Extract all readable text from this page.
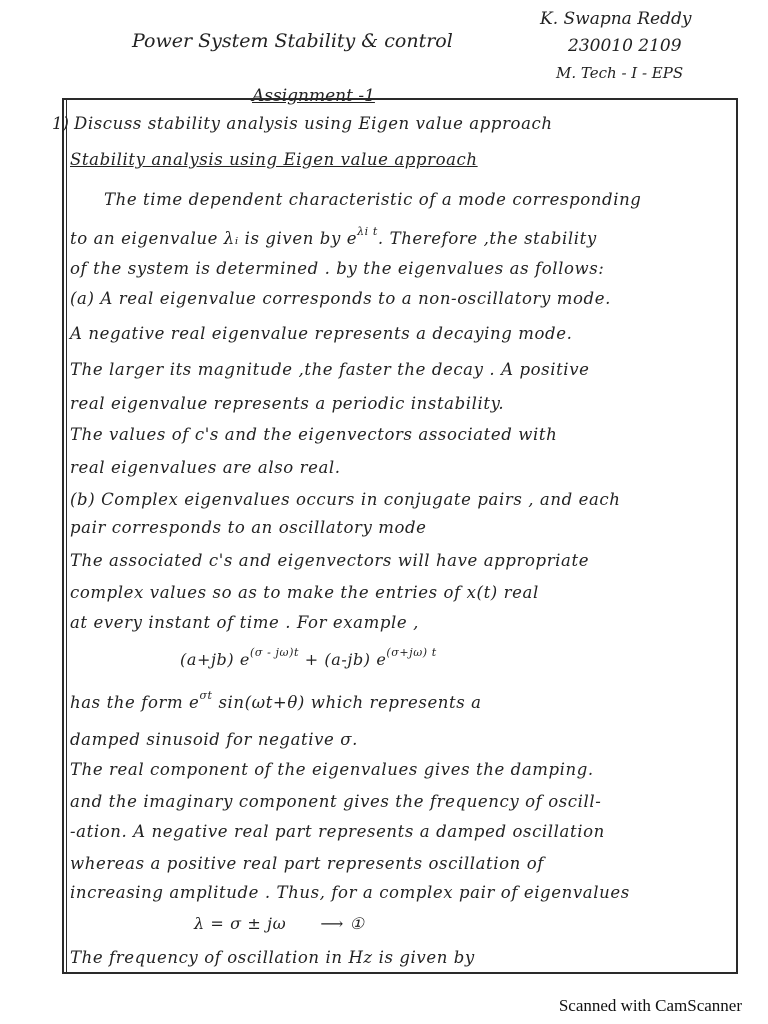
Power System Stability & control
K. Swapna Reddy
230010 2109
M. Tech - I - EPS
Assignment -1
1) Discuss stability analysis using Eigen value approach
Stability analysis using Eigen value approach
The time dependent characteristic of a mode corresponding
to an eigenvalue λᵢ is given by $e^{\lambda i t}$. Therefore ,the stability
of the system is determined . by the eigenvalues as follows:
(a) A real eigenvalue corresponds to a non-oscillatory mode.
A negative real eigenvalue represents a decaying mode.
The larger its magnitude ,the faster the decay . A positive
real eigenvalue represents a periodic instability.
The values of c's and the eigenvectors associated with
real eigenvalues are also real.
(b) Complex eigenvalues occurs in conjugate pairs , and each
pair corresponds to an oscillatory mode
The associated c's and eigenvectors will have appropriate
complex values so as to make the entries of x(t) real
at every instant of time . For example ,
(a+jb) $e^{(\sigma - j\omega)t} + (a-jb)$ $e^{(\sigma+j\omega) t}$
has the form $e^{\sigma t}$ sin(ωt+θ) which represents a
damped sinusoid for negative σ.
The real component of the eigenvalues gives the damping.
and the imaginary component gives the frequency of oscill-
-ation. A negative real part represents a damped oscillation
whereas a positive real part represents oscillation of
increasing amplitude . Thus, for a complex pair of eigenvalues
λ = σ ± jω ⟶ ①
The frequency of oscillation in Hz is given by
Scanned with CamScanner
